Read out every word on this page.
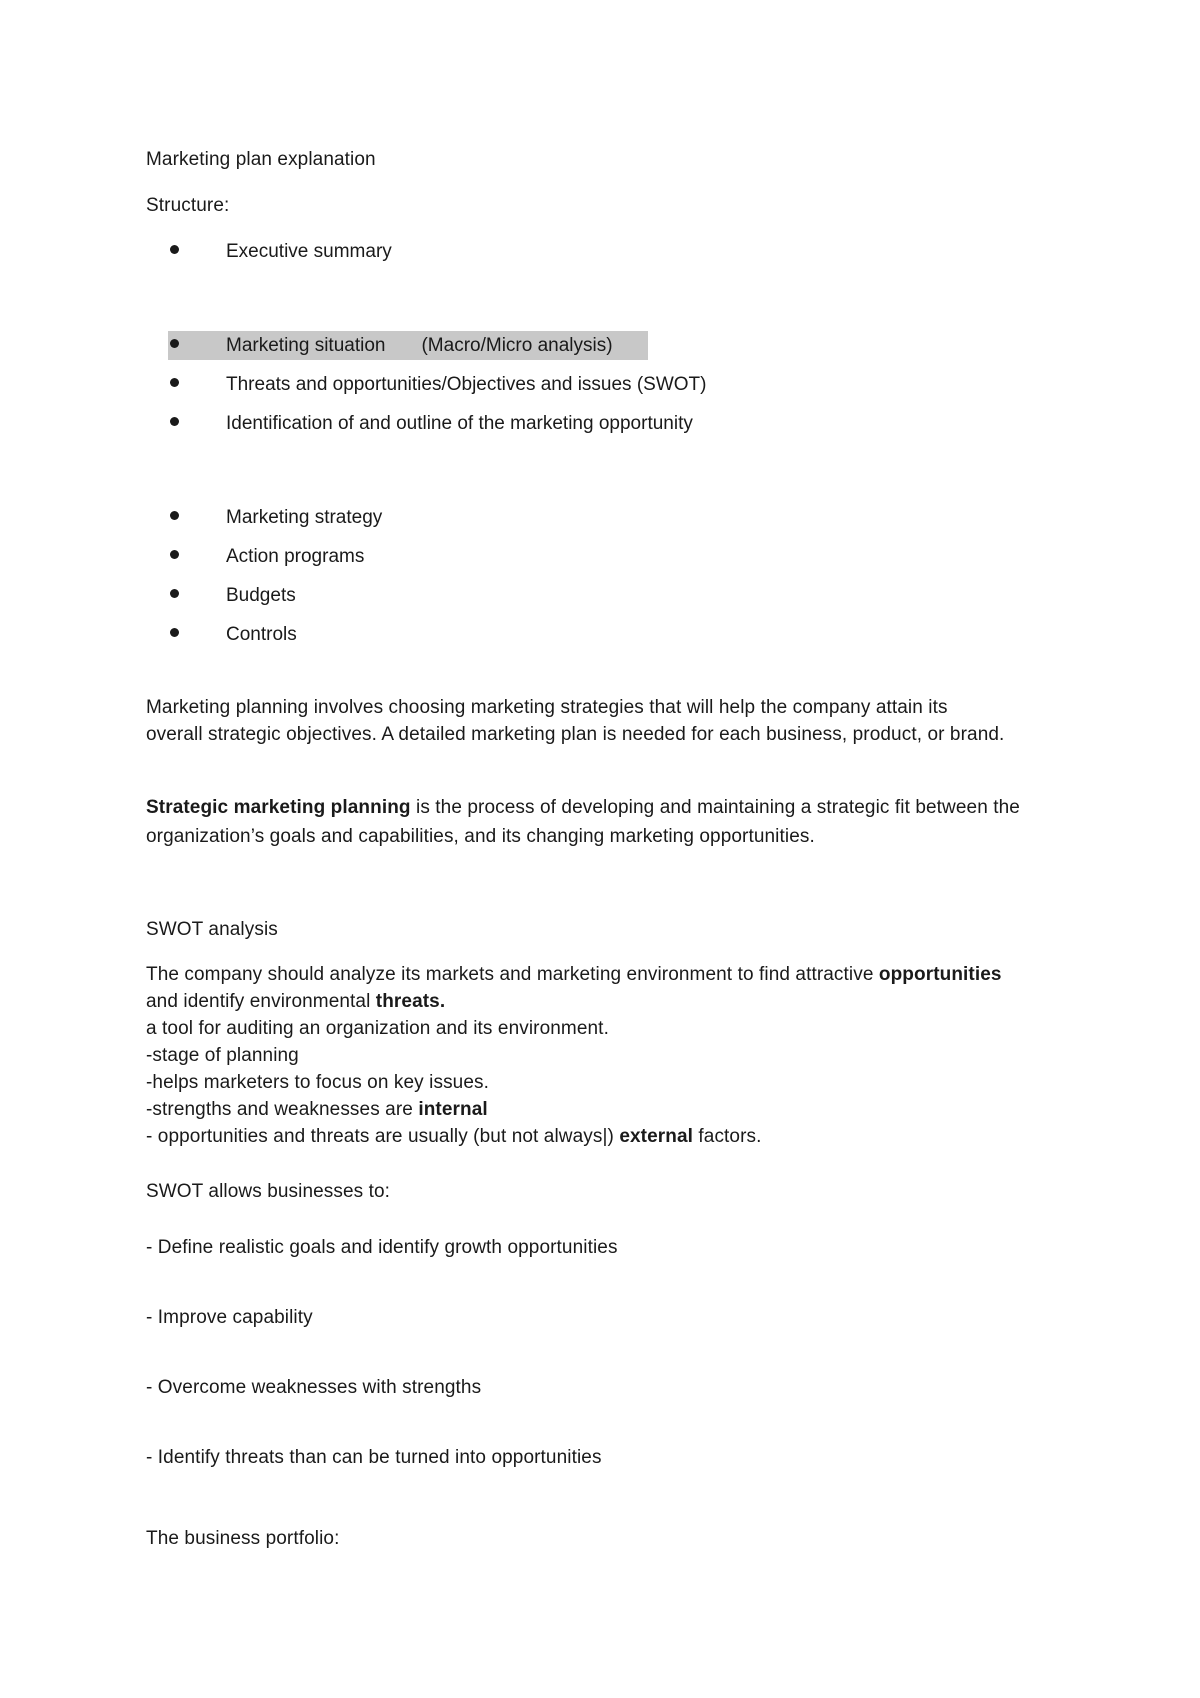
Marketing plan explanation
Structure:
Executive summary
Marketing situation (Macro/Micro analysis)
Threats and opportunities/Objectives and issues (SWOT)
Identification of and outline of the marketing opportunity
Marketing strategy
Action programs
Budgets
Controls
Marketing planning involves choosing marketing strategies that will help the company attain its
overall strategic objectives. A detailed marketing plan is needed for each business, product, or brand.
Strategic marketing planning is the process of developing and maintaining a strategic fit between the
organization’s goals and capabilities, and its changing marketing opportunities.
SWOT analysis
The company should analyze its markets and marketing environment to find attractive opportunities
and identify environmental threats.
a tool for auditing an organization and its environment.
-stage of planning
-helps marketers to focus on key issues.
-strengths and weaknesses are internal
- opportunities and threats are usually (but not always|) external factors.
SWOT allows businesses to:
- Define realistic goals and identify growth opportunities
- Improve capability
- Overcome weaknesses with strengths
- Identify threats than can be turned into opportunities
The business portfolio:
